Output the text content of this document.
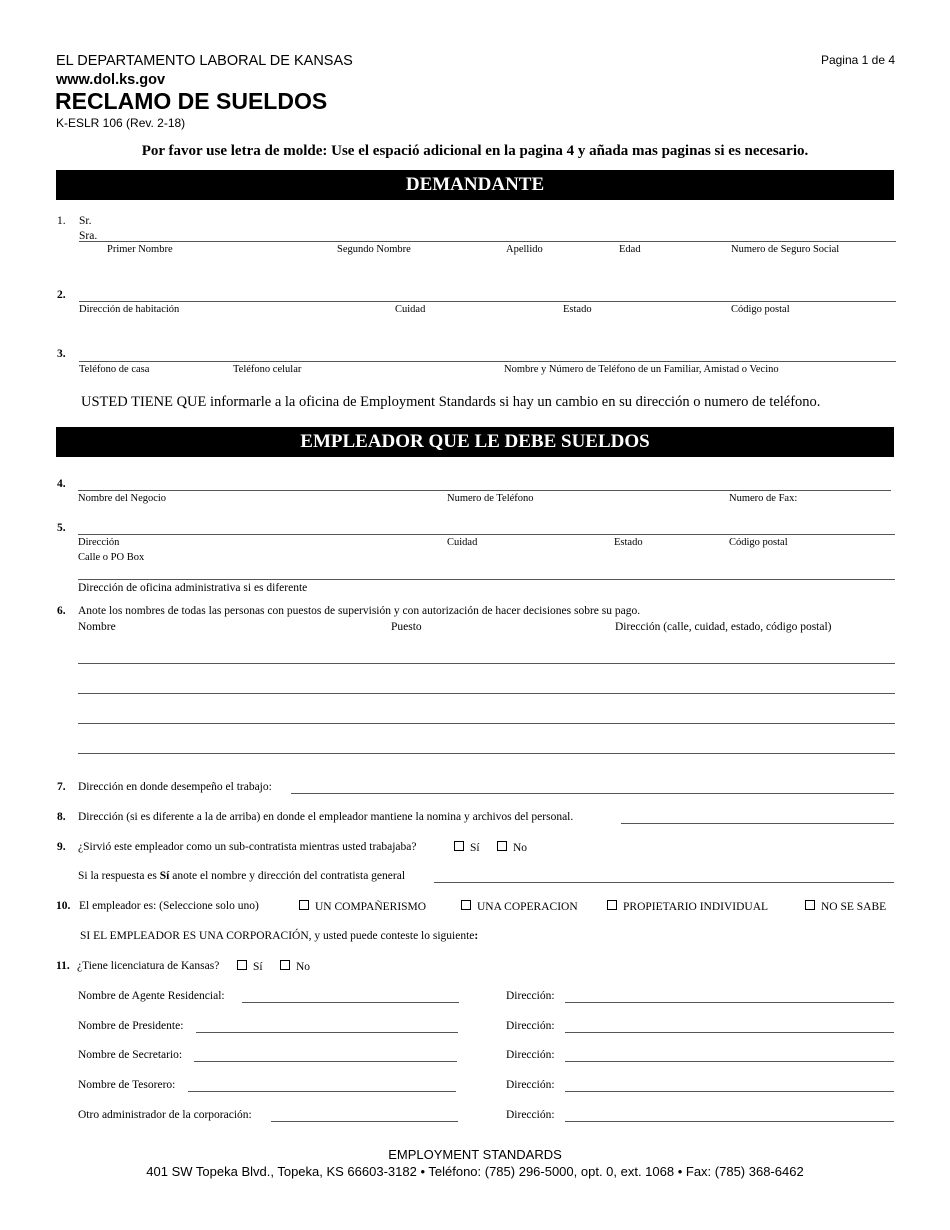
EL DEPARTAMENTO LABORAL DE KANSAS
www.dol.ks.gov
RECLAMO DE SUELDOS
K-ESLR 106 (Rev. 2-18)
Pagina 1 de 4
Por favor use letra de molde: Use el espació adicional en la pagina 4 y añada mas paginas si es necesario.
DEMANDANTE
1. Sr.
Sra.
Primer Nombre	Segundo Nombre	Apellido	Edad	Numero de Seguro Social
2.
Dirección de habitación	Cuidad	Estado	Código postal
3.
Teléfono de casa	Teléfono celular	Nombre y Número de Teléfono de un Familiar, Amistad o Vecino
USTED TIENE QUE informarle a la oficina de Employment Standards si hay un cambio en su dirección o numero de teléfono.
EMPLEADOR QUE LE DEBE SUELDOS
4.
Nombre del Negocio	Numero de Teléfono	Numero de Fax:
5.
Dirección	Cuidad	Estado	Código postal
Calle o PO Box
Dirección de oficina administrativa si es diferente
6. Anote los nombres de todas las personas con puestos de supervisión y con autorización de hacer decisiones sobre su pago.
Nombre	Puesto	Dirección (calle, cuidad, estado, código postal)
7. Dirección en donde desempeño el trabajo:
8. Dirección (si es diferente a la de arriba) en donde el empleador mantiene la nomina y archivos del personal.
9. ¿Sirvió este empleador como un sub-contratista mientras usted trabajaba?	Sí	No
Si la respuesta es Sí anote el nombre y dirección del contratista general
10. El empleador es: (Seleccione solo uno)	UN COMPAÑERISMO	UNA COPERACION	PROPIETARIO INDIVIDUAL	NO SE SABE
SI EL EMPLEADOR ES UNA CORPORACIÓN, y usted puede conteste lo siguiente:
11. ¿Tiene licenciatura de Kansas?	Sí	No
Nombre de Agente Residencial:	Dirección:
Nombre de Presidente:	Dirección:
Nombre de Secretario:	Dirección:
Nombre de Tesorero:	Dirección:
Otro administrador de la corporación:	Dirección:
EMPLOYMENT STANDARDS
401 SW Topeka Blvd., Topeka, KS 66603-3182 • Teléfono: (785) 296-5000, opt. 0, ext. 1068 • Fax: (785) 368-6462
